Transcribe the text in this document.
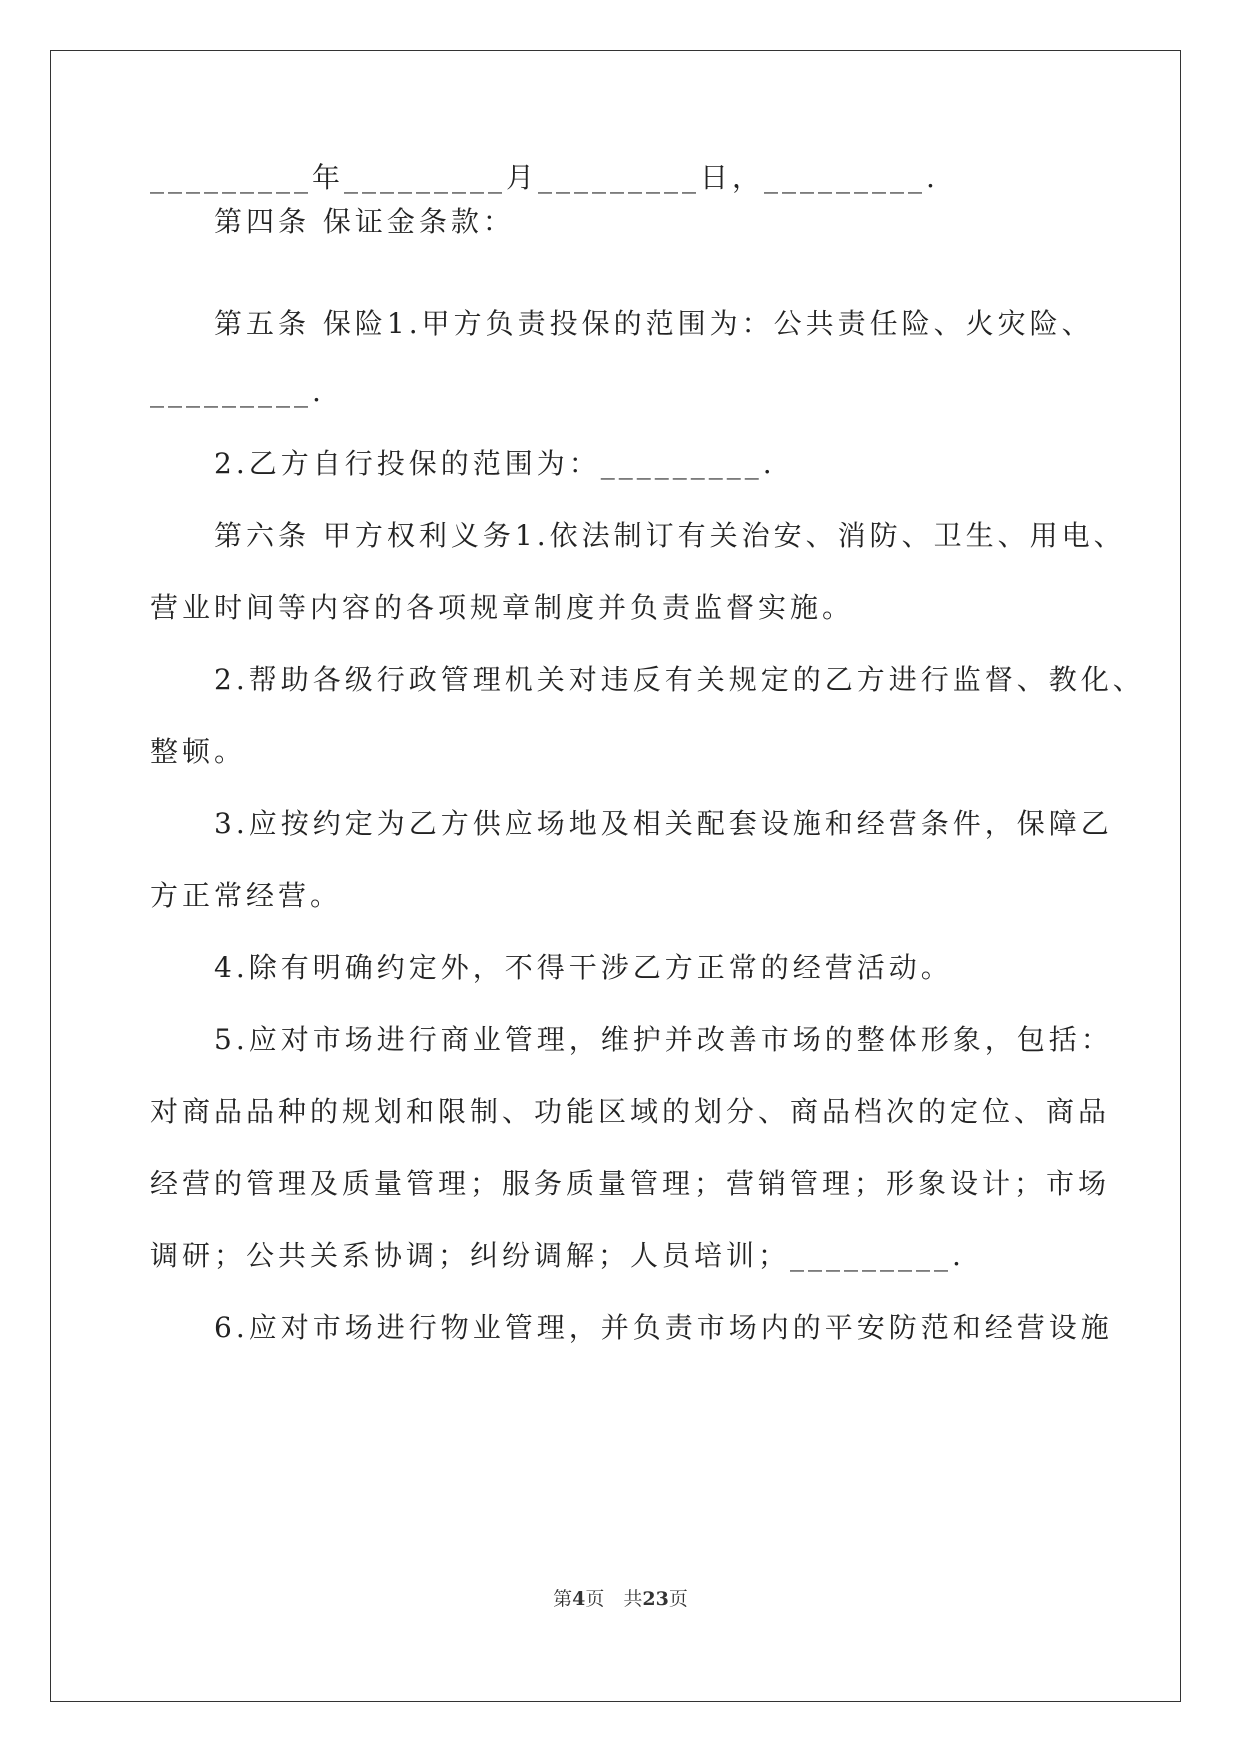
_________年_________月_________日，_________.
第四条 保证金条款：
第五条 保险1.甲方负责投保的范围为：公共责任险、火灾险、
_________.
2.乙方自行投保的范围为：_________.
第六条 甲方权利义务1.依法制订有关治安、消防、卫生、用电、
营业时间等内容的各项规章制度并负责监督实施。
2.帮助各级行政管理机关对违反有关规定的乙方进行监督、教化、
整顿。
3.应按约定为乙方供应场地及相关配套设施和经营条件，保障乙
方正常经营。
4.除有明确约定外，不得干涉乙方正常的经营活动。
5.应对市场进行商业管理，维护并改善市场的整体形象，包括：
对商品品种的规划和限制、功能区域的划分、商品档次的定位、商品
经营的管理及质量管理；服务质量管理；营销管理；形象设计；市场
调研；公共关系协调；纠纷调解；人员培训；_________.
6.应对市场进行物业管理，并负责市场内的平安防范和经营设施
第4页　共23页
